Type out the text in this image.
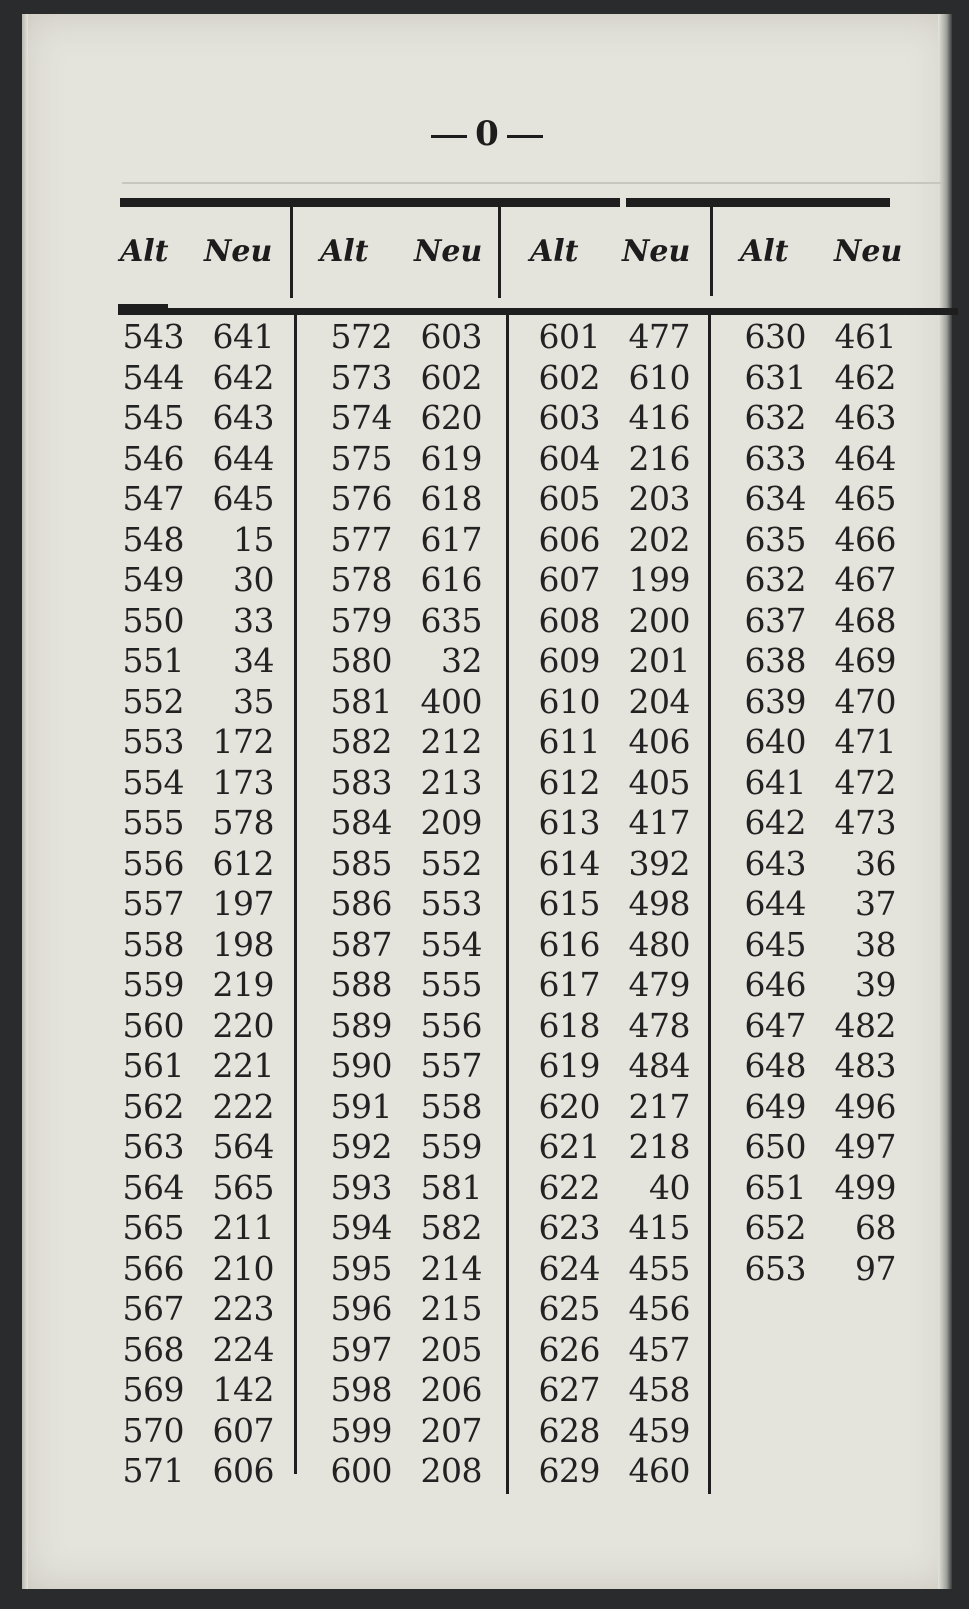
0
Alt Neu Alt Neu Alt Neu Alt Neu
543
544
545
546
547
548
549
550
551
552
553
554
555
556
557
558
559
560
561
562
563
564
565
566
567
568
569
570
571
641
642
643
644
645
15
30
33
34
35
172
173
578
612
197
198
219
220
221
222
564
565
211
210
223
224
142
607
606
572
573
574
575
576
577
578
579
580
581
582
583
584
585
586
587
588
589
590
591
592
593
594
595
596
597
598
599
600
603
602
620
619
618
617
616
635
32
400
212
213
209
552
553
554
555
556
557
558
559
581
582
214
215
205
206
207
208
601
602
603
604
605
606
607
608
609
610
611
612
613
614
615
616
617
618
619
620
621
622
623
624
625
626
627
628
629
477
610
416
216
203
202
199
200
201
204
406
405
417
392
498
480
479
478
484
217
218
40
415
455
456
457
458
459
460
630
631
632
633
634
635
632
637
638
639
640
641
642
643
644
645
646
647
648
649
650
651
652
653
461
462
463
464
465
466
467
468
469
470
471
472
473
36
37
38
39
482
483
496
497
499
68
97
